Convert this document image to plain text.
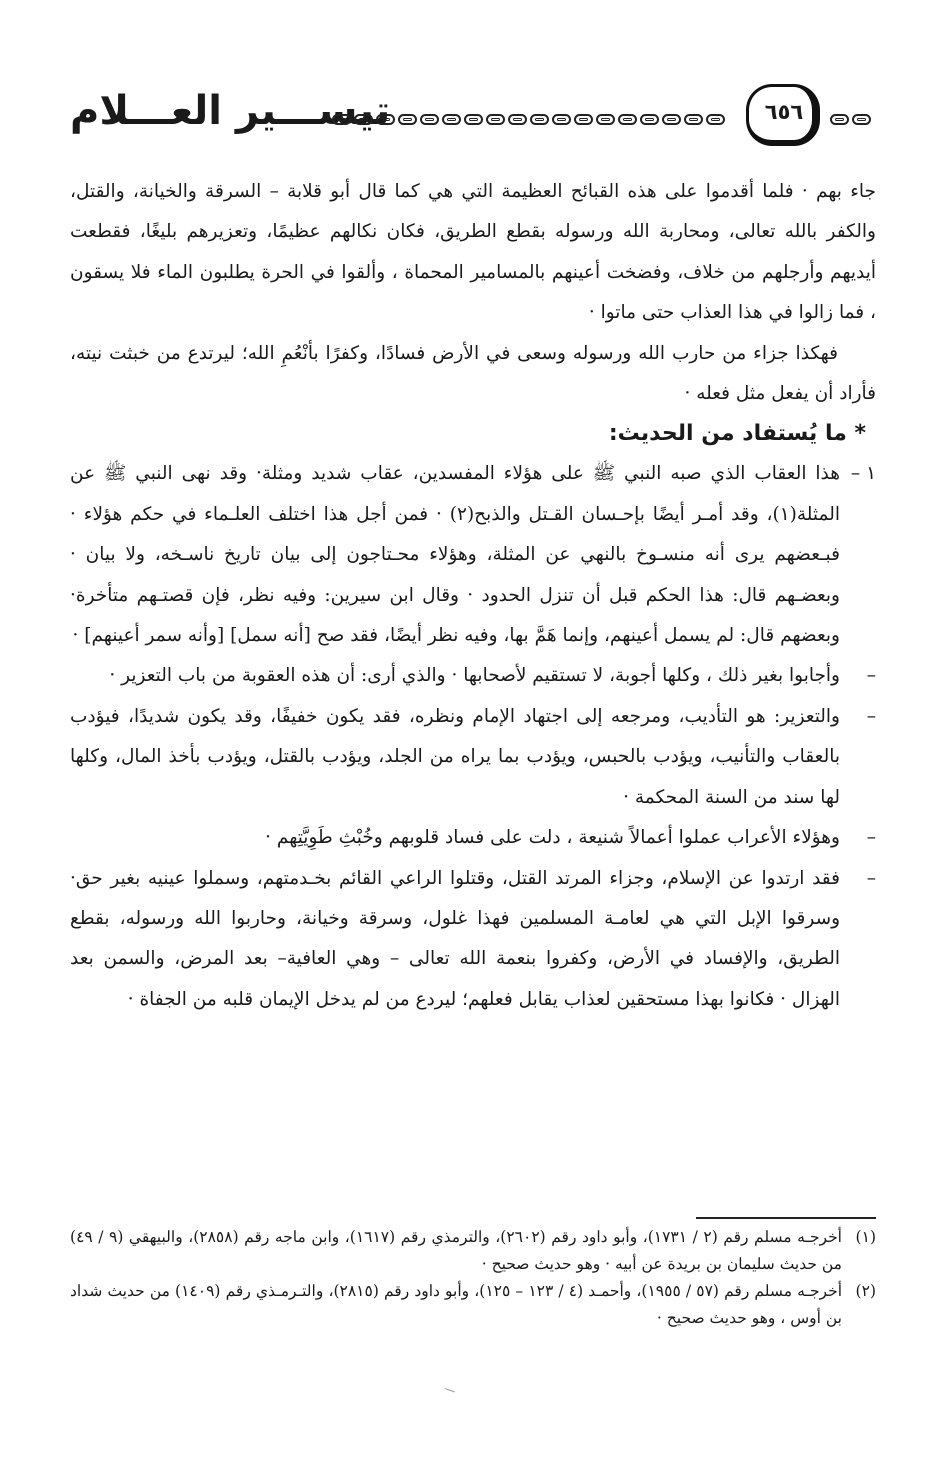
تيســـير العـــلام	٦٥٦

جاء بهم · فلما أقدموا على هذه القبائح العظيمة التي هي كما قال أبو قلابة – السرقة والخيانة، والقتل، والكفر بالله تعالى، ومحاربة الله ورسوله بقطع الطريق، فكان نكالهم عظيمًا، وتعزيرهم بليغًا، فقطعت أيديهم وأرجلهم من خلاف، وفضخت أعينهم بالمسامير المحماة ، وألقوا في الحرة يطلبون الماء فلا يسقون ، فما زالوا في هذا العذاب حتى ماتوا ·

فهكذا جزاء من حارب الله ورسوله وسعى في الأرض فسادًا، وكفرًا بأنْعُمِ الله؛ ليرتدع من خبثت نيته، فأراد أن يفعل مثل فعله ·

* ما يُستفاد من الحديث:

١ –
هذا العقاب الذي صبه النبي ﷺ على هؤلاء المفسدين، عقاب شديد ومثلة· وقد نهى النبي ﷺ عن المثلة(١)، وقد أمـر أيضًا بإحـسان القـتل والذبح(٢) · فمن أجل هذا اختلف العلـماء في حكم هؤلاء · فبـعضهم يرى أنه منسـوخ بالنهي عن المثلة، وهؤلاء محـتاجون إلى بيان تاريخ ناسـخه، ولا بيان · وبعضـهم قال: هذا الحكم قبل أن تنزل الحدود · وقال ابن سيرين: وفيه نظر، فإن قصتـهم متأخرة· وبعضهم قال: لم يسمل أعينهم، وإنما هَمَّ بها، وفيه نظر أيضًا، فقد صح [أنه سمل] [وأنه سمر أعينهم] ·
–
وأجابوا بغير ذلك ، وكلها أجوبة، لا تستقيم لأصحابها · والذي أرى: أن هذه العقوبة من باب التعزير ·
–
والتعزير: هو التأديب، ومرجعه إلى اجتهاد الإمام ونظره، فقد يكون خفيفًا، وقد يكون شديدًا، فيؤدب بالعقاب والتأنيب، ويؤدب بالحبس، ويؤدب بما يراه من الجلد، ويؤدب بالقتل، ويؤدب بأخذ المال، وكلها لها سند من السنة المحكمة ·
–
وهؤلاء الأعراب عملوا أعمالاً شنيعة ، دلت على فساد قلوبهم وخُبْثِ طَوِيَّتِهم ·
–
فقد ارتدوا عن الإسلام، وجزاء المرتد القتل، وقتلوا الراعي القائم بخـدمتهم، وسملوا عينيه بغير حق· وسرقوا الإبل التي هي لعامـة المسلمين فهذا غلول، وسرقة وخيانة، وحاربوا الله ورسوله، بقطع الطريق، والإفساد في الأرض، وكفروا بنعمة الله تعالى – وهي العافية– بعد المرض، والسمن بعد الهزال · فكانوا بهذا مستحقين لعذاب يقابل فعلهم؛ ليردع من لم يدخل الإيمان قلبه من الجفاة ·
(١)
أخرجـه مسلم رقم (٢ / ١٧٣١)، وأبو داود رقم (٢٦٠٢)، والترمذي رقم (١٦١٧)، وابن ماجه رقم (٢٨٥٨)، والبيهقي (٩ / ٤٩) من حديث سليمان بن بريدة عن أبيه · وهو حديث صحيح ·
(٢)
أخرجـه مسلم رقم (٥٧ / ١٩٥٥)، وأحمـد (٤ / ١٢٣ – ١٢٥)، وأبو داود رقم (٢٨١٥)، والتـرمـذي رقم (١٤٠٩) من حديث شداد بن أوس ، وهو حديث صحيح ·
